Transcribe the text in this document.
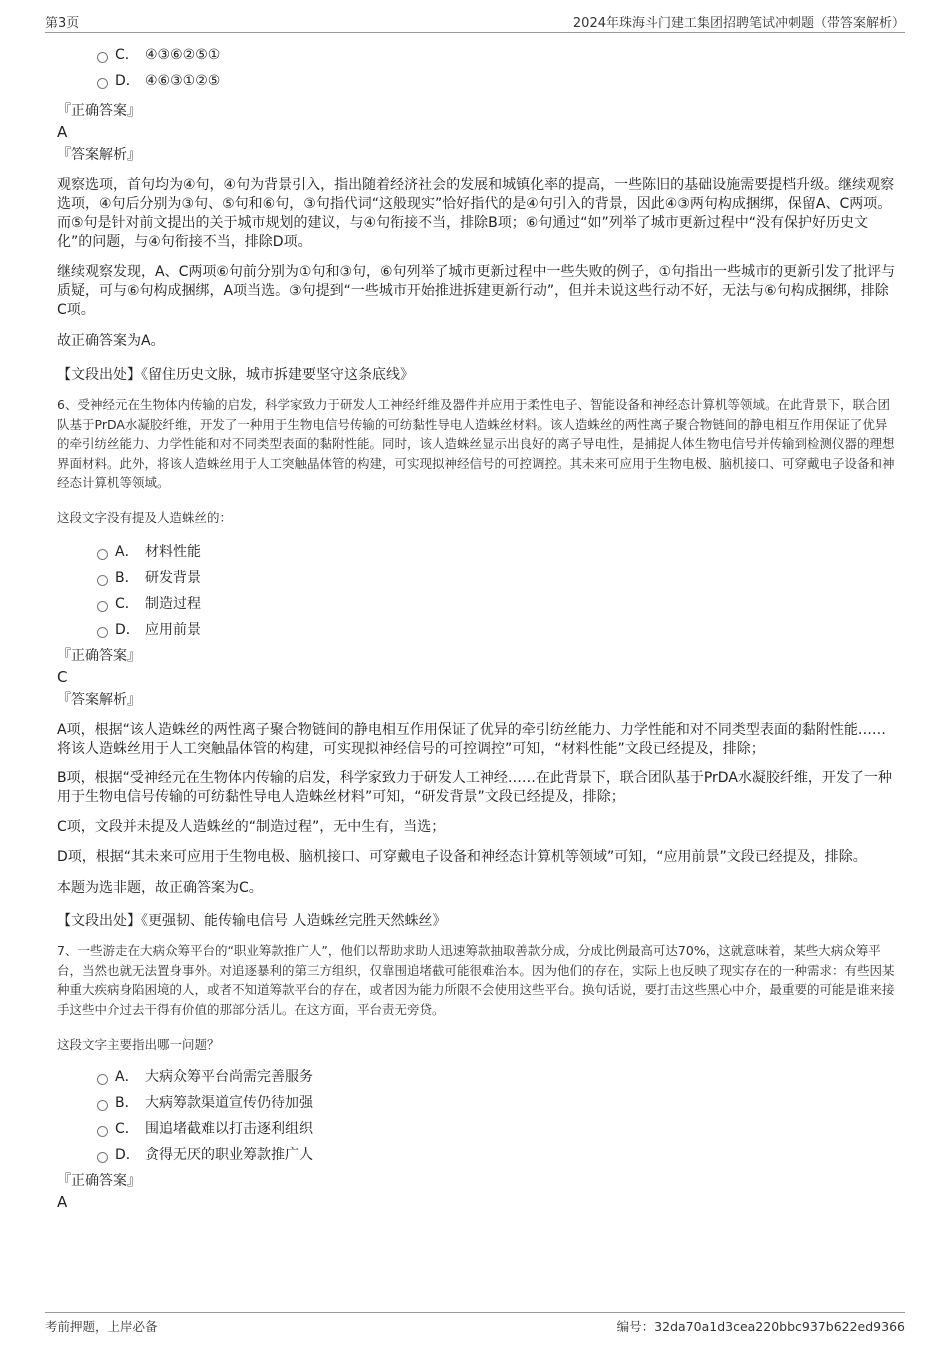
第3页	2024年珠海斗门建工集团招聘笔试冲刺题（带答案解析）
C． ④③⑥②⑤①
D． ④⑥③①②⑤

『正确答案』

A

『答案解析』

观察选项，首句均为④句，④句为背景引入，指出随着经济社会的发展和城镇化率的提高，一些陈旧的基础设施需要提档升级。继续观察选项，④句后分别为③句、⑤句和⑥句，③句指代词“这般现实”恰好指代的是④句引入的背景，因此④③两句构成捆绑，保留A、C两项。而⑤句是针对前文提出的关于城市规划的建议，与④句衔接不当，排除B项；⑥句通过“如”列举了城市更新过程中“没有保护好历史文化”的问题，与④句衔接不当，排除D项。

继续观察发现，A、C两项⑥句前分别为①句和③句，⑥句列举了城市更新过程中一些失败的例子，①句指出一些城市的更新引发了批评与质疑，可与⑥句构成捆绑，A项当选。③句提到“一些城市开始推进拆建更新行动”，但并未说这些行动不好，无法与⑥句构成捆绑，排除C项。

故正确答案为A。

【文段出处】《留住历史文脉，城市拆建要坚守这条底线》

6、受神经元在生物体内传输的启发，科学家致力于研发人工神经纤维及器件并应用于柔性电子、智能设备和神经态计算机等领域。在此背景下，联合团队基于PrDA水凝胶纤维，开发了一种用于生物电信号传输的可纺黏性导电人造蛛丝材料。该人造蛛丝的两性离子聚合物链间的静电相互作用保证了优异的牵引纺丝能力、力学性能和对不同类型表面的黏附性能。同时，该人造蛛丝显示出良好的离子导电性，是捕捉人体生物电信号并传输到检测仪器的理想界面材料。此外，将该人造蛛丝用于人工突触晶体管的构建，可实现拟神经信号的可控调控。其未来可应用于生物电极、脑机接口、可穿戴电子设备和神经态计算机等领域。

这段文字没有提及人造蛛丝的：

A． 材料性能
B． 研发背景
C． 制造过程
D． 应用前景

『正确答案』

C

『答案解析』

A项，根据“该人造蛛丝的两性离子聚合物链间的静电相互作用保证了优异的牵引纺丝能力、力学性能和对不同类型表面的黏附性能……将该人造蛛丝用于人工突触晶体管的构建，可实现拟神经信号的可控调控”可知，“材料性能”文段已经提及，排除；

B项，根据“受神经元在生物体内传输的启发，科学家致力于研发人工神经……在此背景下，联合团队基于PrDA水凝胶纤维，开发了一种用于生物电信号传输的可纺黏性导电人造蛛丝材料”可知，“研发背景”文段已经提及，排除；

C项，文段并未提及人造蛛丝的“制造过程”，无中生有，当选；

D项，根据“其未来可应用于生物电极、脑机接口、可穿戴电子设备和神经态计算机等领域”可知，“应用前景”文段已经提及，排除。

本题为选非题，故正确答案为C。

【文段出处】《更强韧、能传输电信号 人造蛛丝完胜天然蛛丝》

7、一些游走在大病众筹平台的“职业筹款推广人”，他们以帮助求助人迅速筹款抽取善款分成，分成比例最高可达70%，这就意味着，某些大病众筹平台，当然也就无法置身事外。对追逐暴利的第三方组织，仅靠围追堵截可能很难治本。因为他们的存在，实际上也反映了现实存在的一种需求：有些因某种重大疾病身陷困境的人，或者不知道筹款平台的存在，或者因为能力所限不会使用这些平台。换句话说，要打击这些黑心中介，最重要的可能是谁来接手这些中介过去干得有价值的那部分活儿。在这方面，平台责无旁贷。

这段文字主要指出哪一问题？

A． 大病众筹平台尚需完善服务
B． 大病筹款渠道宣传仍待加强
C． 围追堵截难以打击逐利组织
D． 贪得无厌的职业筹款推广人

『正确答案』

A

考前押题，上岸必备	编号：32da70a1d3cea220bbc937b622ed9366
